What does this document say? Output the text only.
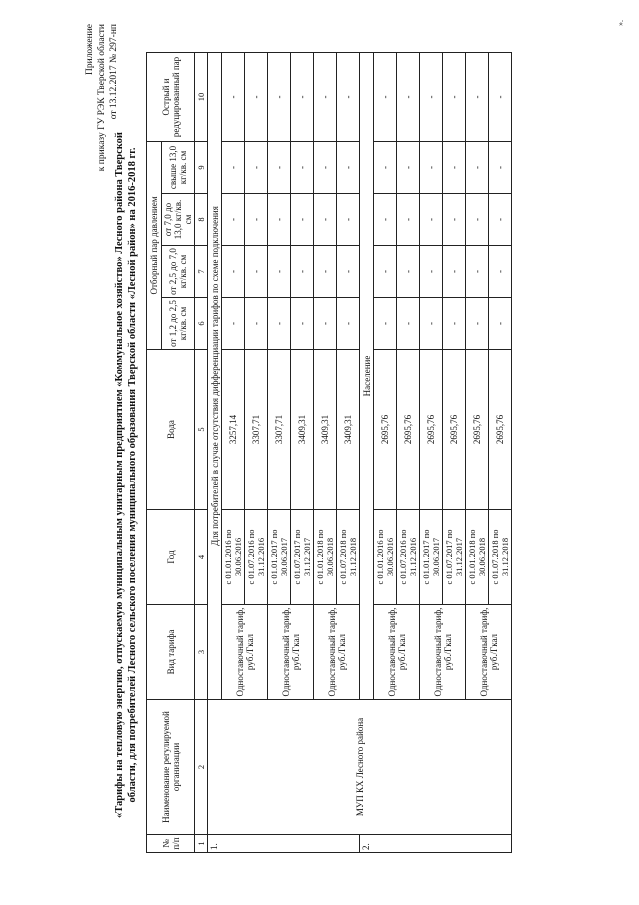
Приложение к приказу ГУ РЭК Тверской области от 13.12.2017 № 297-нп
«Тарифы на тепловую энергию, отпускаемую муниципальным унитарным предприятием «Коммунальное хозяйство» Лесного района Тверской области, для потребителей Лесного сельского поселения муниципального образования Тверской области «Лесной район» на 2016-2018 гг.
№ п/п	Наименование регулируемой организации	Вид тарифа	Год	Вода	Отборный пар давлением				Острый и редуцированный пар
					от 1,2 до 2,5 кг/кв. см	от 2,5 до 7,0 кг/кв. см	от 7,0 до 13,0 кг/кв. см	свыше 13,0 кг/кв. см	
1	2	3	4	5	6	7	8	9	10
1.	МУП КХ Лесного района	Для потребителей в случае отсутствия дифференциации тарифов по схеме подключения							
		Одноставочный тариф, руб./Гкал	с 01.01.2016 по 30.06.2016	3257,14	-	-	-	-	-
			с 01.07.2016 по 31.12.2016	3307,71	-	-	-	-	-
		Одноставочный тариф, руб./Гкал	с 01.01.2017 по 30.06.2017	3307,71	-	-	-	-	-
			с 01.07.2017 по 31.12.2017	3409,31	-	-	-	-	-
		Одноставочный тариф, руб./Гкал	с 01.01.2018 по 30.06.2018	3409,31	-	-	-	-	-
			с 01.07.2018 по 31.12.2018	3409,31	-	-	-	-	-
2.		Население							
		Одноставочный тариф, руб./Гкал	с 01.01.2016 по 30.06.2016	2695,76	-	-	-	-	-
			с 01.07.2016 по 31.12.2016	2695,76	-	-	-	-	-
		Одноставочный тариф, руб./Гкал	с 01.01.2017 по 30.06.2017	2695,76	-	-	-	-	-
			с 01.07.2017 по 31.12.2017	2695,76	-	-	-	-	-
		Одноставочный тариф, руб./Гкал	с 01.01.2018 по 30.06.2018	2695,76	-	-	-	-	-
			с 01.07.2018 по 31.12.2018	2695,76	-	-	-	-	-
».
